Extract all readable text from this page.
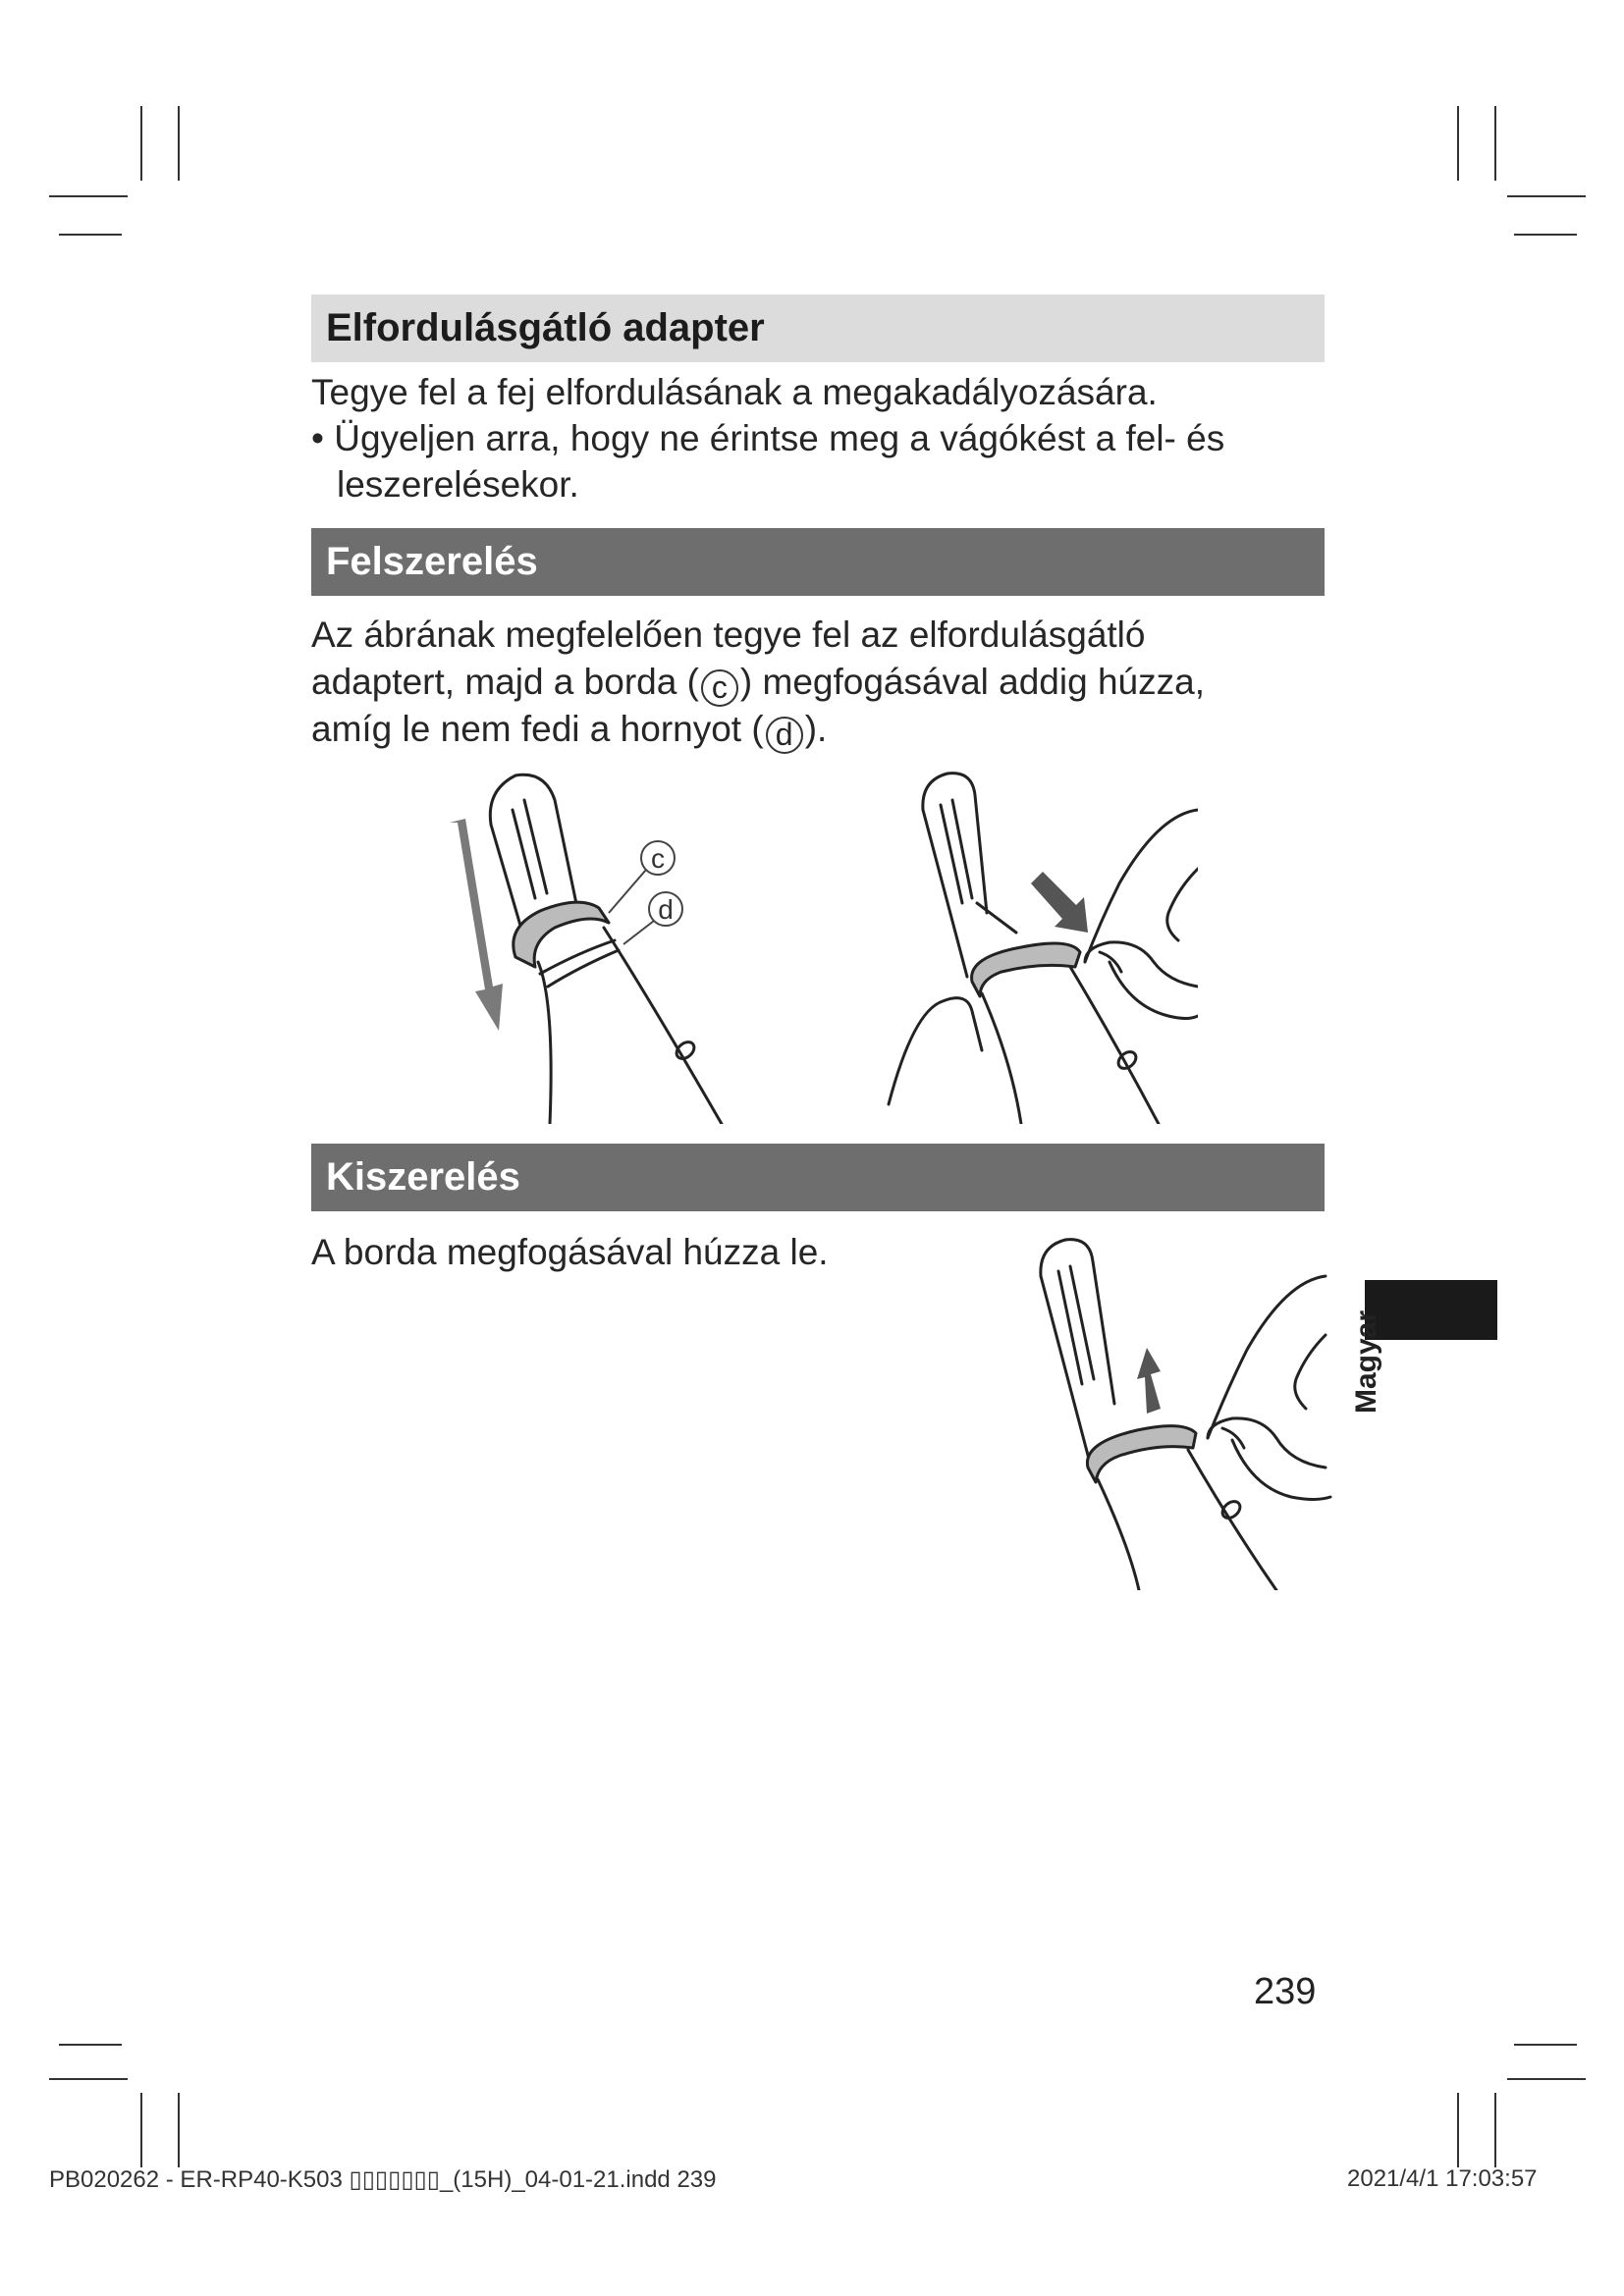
Elfordulásgátló adapter
Tegye fel a fej elfordulásának a megakadályozására.
• Ügyeljen arra, hogy ne érintse meg a vágókést a fel- és
leszerelésekor.
Felszerelés
Az ábrának megfelelően tegye fel az elfordulásgátló
adaptert, majd a borda ( c ) megfogásával addig húzza,
amíg le nem fedi a hornyot ( d ).
c
d
Kiszerelés
A borda megfogásával húzza le.
Magyar
239
PB020262 - ER-RP40-K503 ▯▯▯▯▯▯▯_(15H)_04-01-21.indd 239	2021/4/1 17:03:57
